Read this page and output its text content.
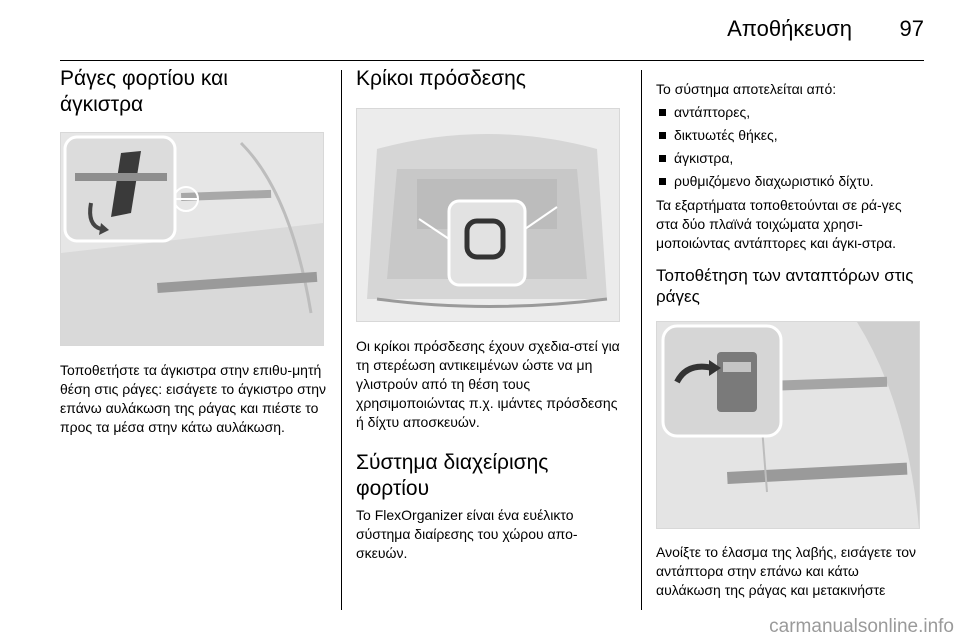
Αποθήκευση 97
Ράγες φορτίου και άγκιστρα

Τοποθετήστε τα άγκιστρα στην επιθυ-μητή θέση στις ράγες: εισάγετε το άγκιστρο στην επάνω αυλάκωση της ράγας και πιέστε το προς τα μέσα στην κάτω αυλάκωση.

Κρίκοι πρόσδεσης

Οι κρίκοι πρόσδεσης έχουν σχεδια-στεί για τη στερέωση αντικειμένων ώστε να μη γλιστρούν από τη θέση τους χρησιμοποιώντας π.χ. ιμάντες πρόσδεσης ή δίχτυ αποσκευών.

Σύστημα διαχείρισης φορτίου

Το FlexOrganizer είναι ένα ευέλικτο σύστημα διαίρεσης του χώρου απο-σκευών.

Το σύστημα αποτελείται από:

αντάπτορες,
δικτυωτές θήκες,
άγκιστρα,
ρυθμιζόμενο διαχωριστικό δίχτυ.

Τα εξαρτήματα τοποθετούνται σε ρά-γες στα δύο πλαϊνά τοιχώματα χρησι-μοποιώντας αντάπτορες και άγκι-στρα.

Τοποθέτηση των ανταπτόρων στις ράγες

Ανοίξτε το έλασμα της λαβής, εισάγετε τον αντάπτορα στην επάνω και κάτω αυλάκωση της ράγας και μετακινήστε

carmanualsonline.info
